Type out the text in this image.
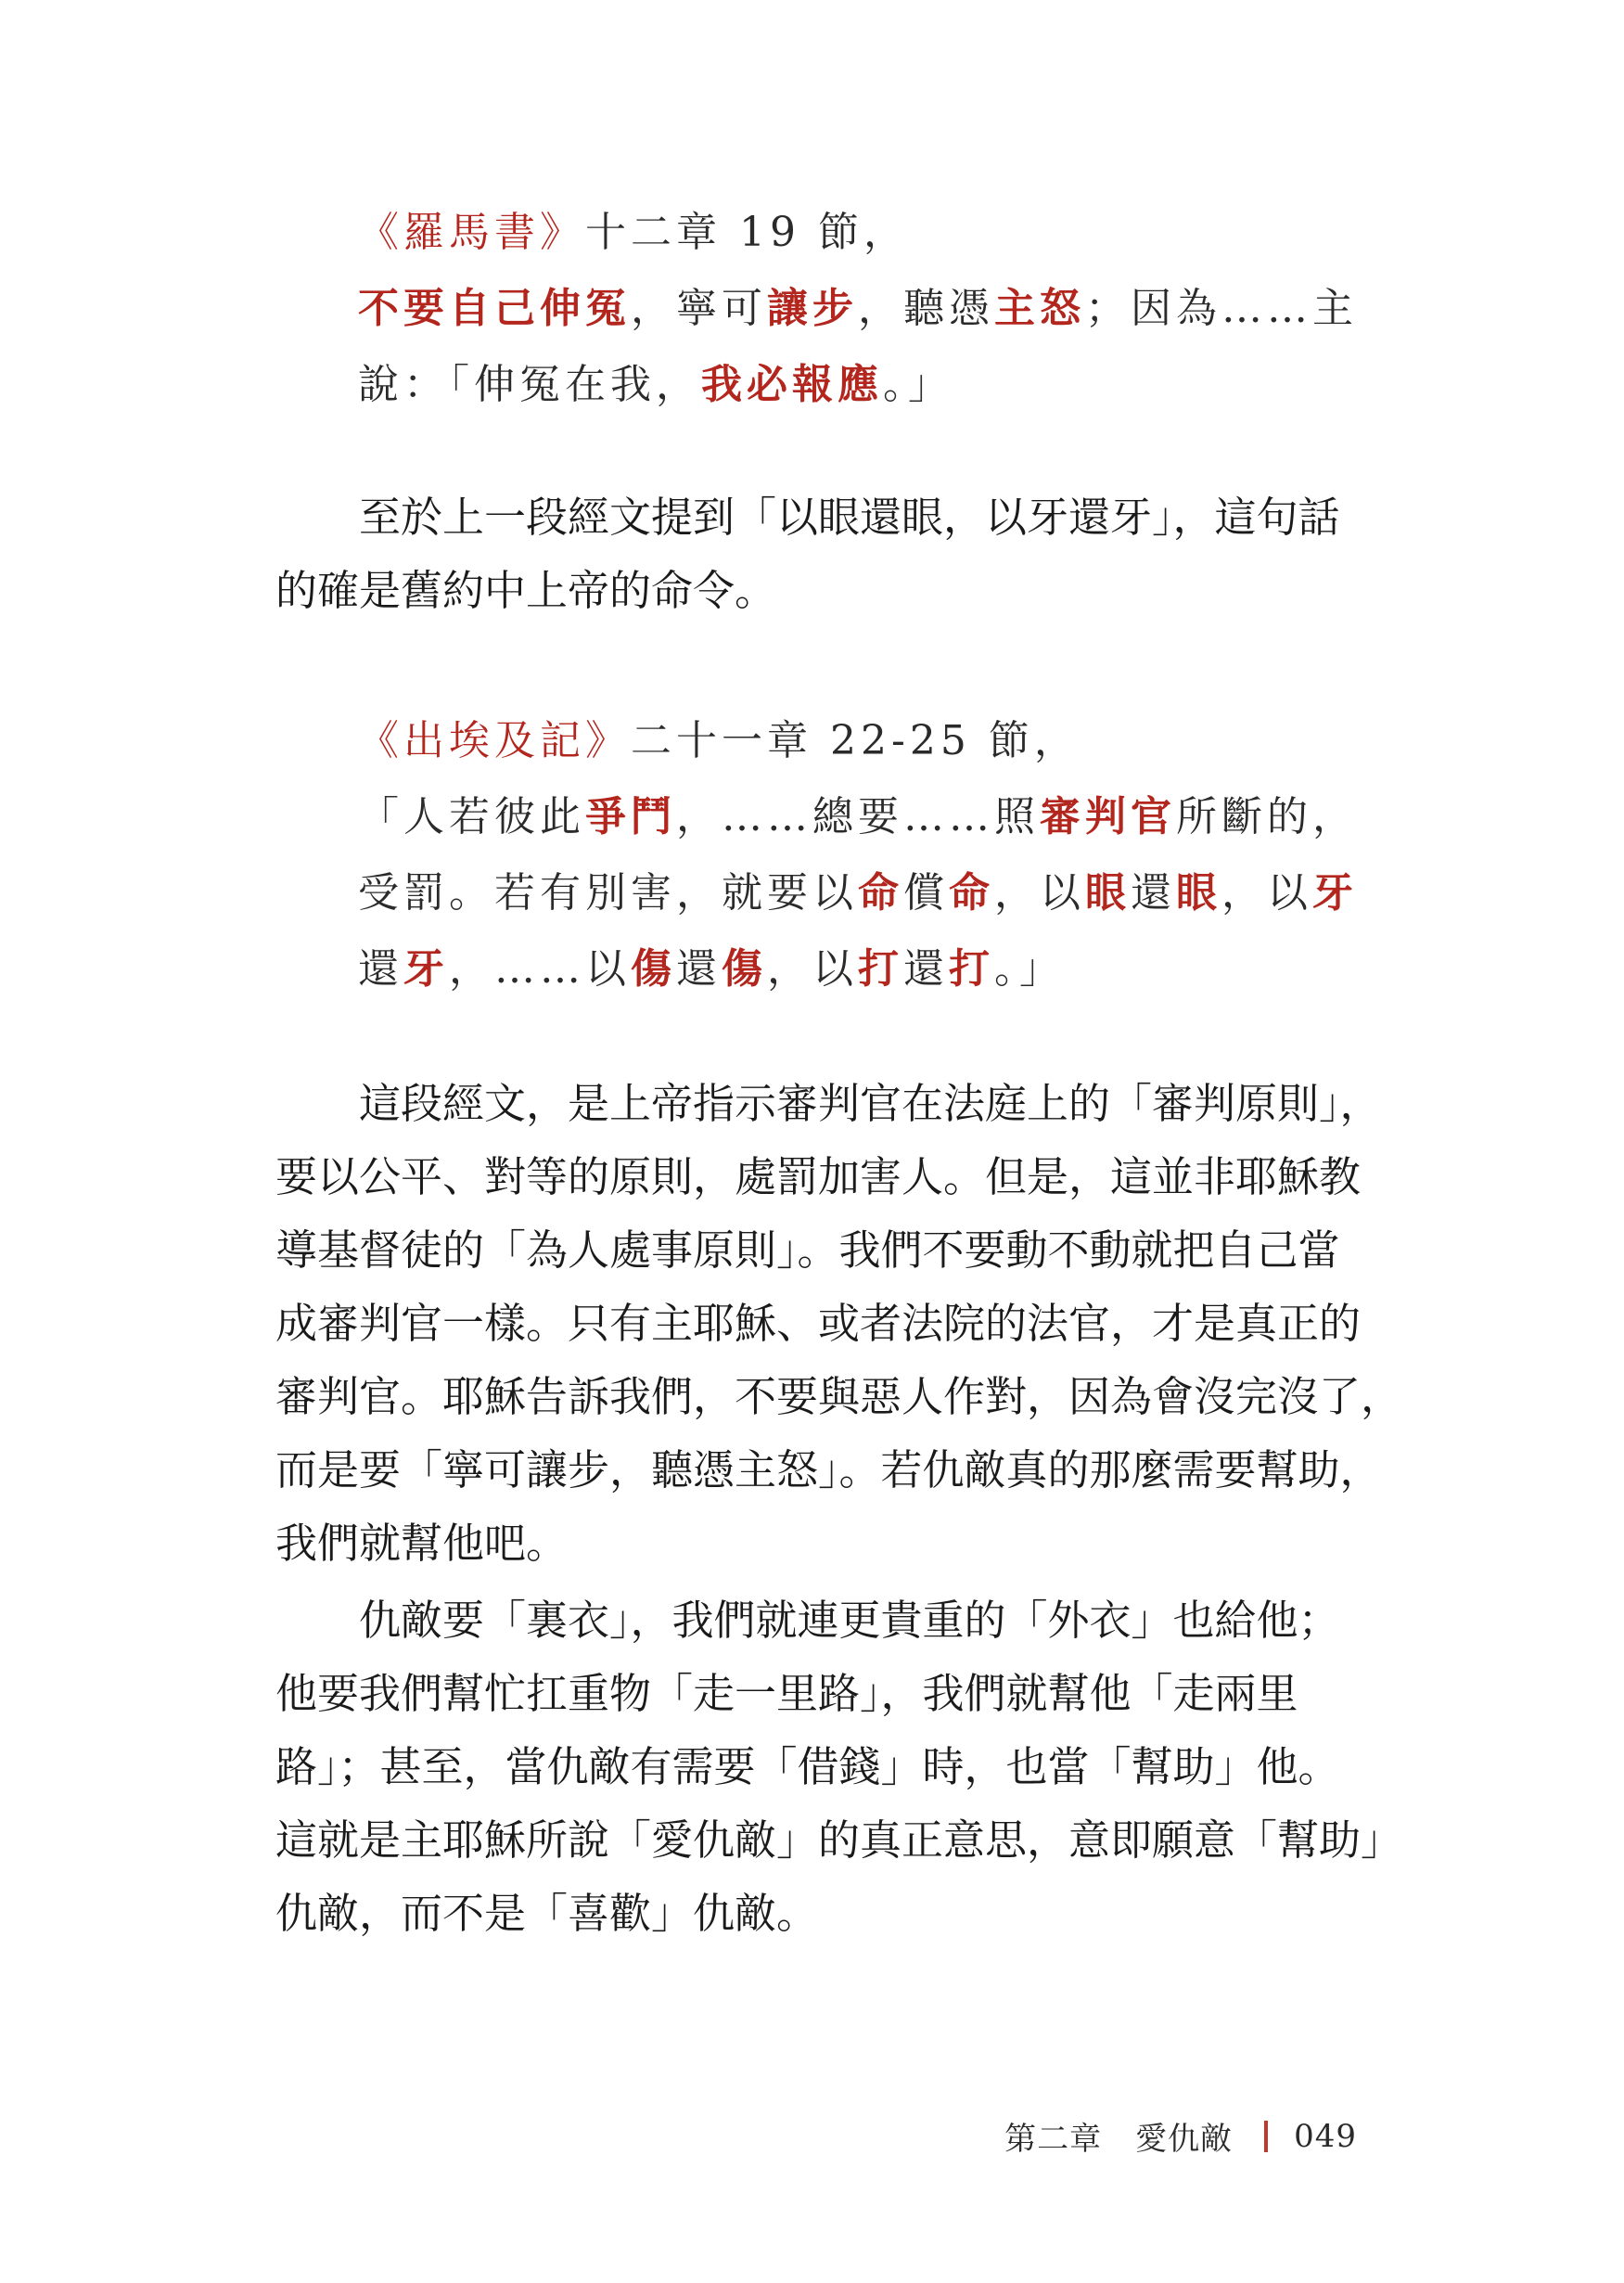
《羅馬書》十二章 19 節，
不要自己伸冤，寧可讓步，聽憑主怒；因為……主
說：「伸冤在我，我必報應。」
至於上一段經文提到「以眼還眼，以牙還牙」，這句話
的確是舊約中上帝的命令。
《出埃及記》二十一章 22-25 節，
「人若彼此爭鬥，……總要……照審判官所斷的，
受罰。若有別害，就要以命償命，以眼還眼，以牙
還牙，……以傷還傷，以打還打。」
這段經文，是上帝指示審判官在法庭上的「審判原則」，
要以公平、對等的原則，處罰加害人。但是，這並非耶穌教
導基督徒的「為人處事原則」。我們不要動不動就把自己當
成審判官一樣。只有主耶穌、或者法院的法官，才是真正的
審判官。耶穌告訴我們，不要與惡人作對，因為會沒完沒了，
而是要「寧可讓步，聽憑主怒」。若仇敵真的那麼需要幫助，
我們就幫他吧。
仇敵要「裏衣」，我們就連更貴重的「外衣」也給他；
他要我們幫忙扛重物「走一里路」，我們就幫他「走兩里
路」；甚至，當仇敵有需要「借錢」時，也當「幫助」他。
這就是主耶穌所說「愛仇敵」的真正意思，意即願意「幫助」
仇敵，而不是「喜歡」仇敵。
第二章 愛仇敵 049
